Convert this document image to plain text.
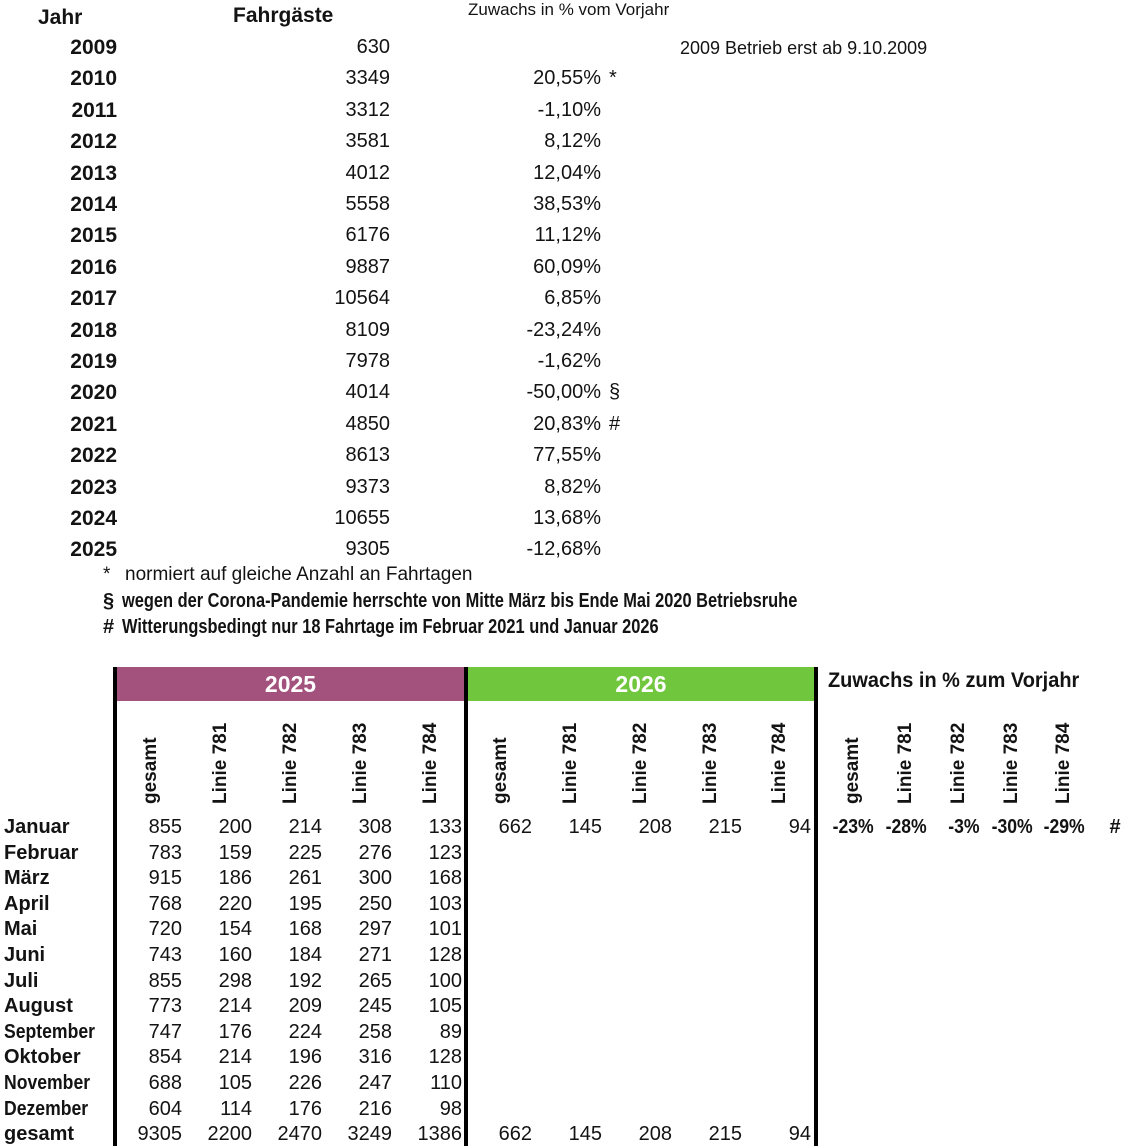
Jahr	Fahrgäste	Zuwachs in % vom Vorjahr
2009 Betrieb erst ab 9.10.2009
2009	630
2010	3349	20,55% *
2011	3312	-1,10%
2012	3581	8,12%
2013	4012	12,04%
2014	5558	38,53%
2015	6176	11,12%
2016	9887	60,09%
2017	10564	6,85%
2018	8109	-23,24%
2019	7978	-1,62%
2020	4014	-50,00% §
2021	4850	20,83% #
2022	8613	77,55%
2023	9373	8,82%
2024	10655	13,68%
2025	9305	-12,68%
* normiert auf gleiche Anzahl an Fahrtagen
§ wegen der Corona-Pandemie herrschte von Mitte März bis Ende Mai 2020 Betriebsruhe
# Witterungsbedingt nur 18 Fahrtage im Februar 2021 und Januar 2026
2025	2026	Zuwachs in % zum Vorjahr
gesamt	Linie 781	Linie 782	Linie 783	Linie 784	gesamt	Linie 781	Linie 782	Linie 783	Linie 784	gesamt Linie 781 Linie 782 Linie 783 Linie 784
Januar	855	200	214	308	133	662	145	208	215	94	-23% -28%	-3% -30% -29%	#
Februar	783	159	225	276	123
März	915	186	261	300	168
April	768	220	195	250	103
Mai	720	154	168	297	101
Juni	743	160	184	271	128
Juli	855	298	192	265	100
August	773	214	209	245	105
September	747	176	224	258	89
Oktober	854	214	196	316	128
November	688	105	226	247	110
Dezember	604	114	176	216	98
gesamt	9305	2200	2470	3249	1386	662	145	208	215	94
